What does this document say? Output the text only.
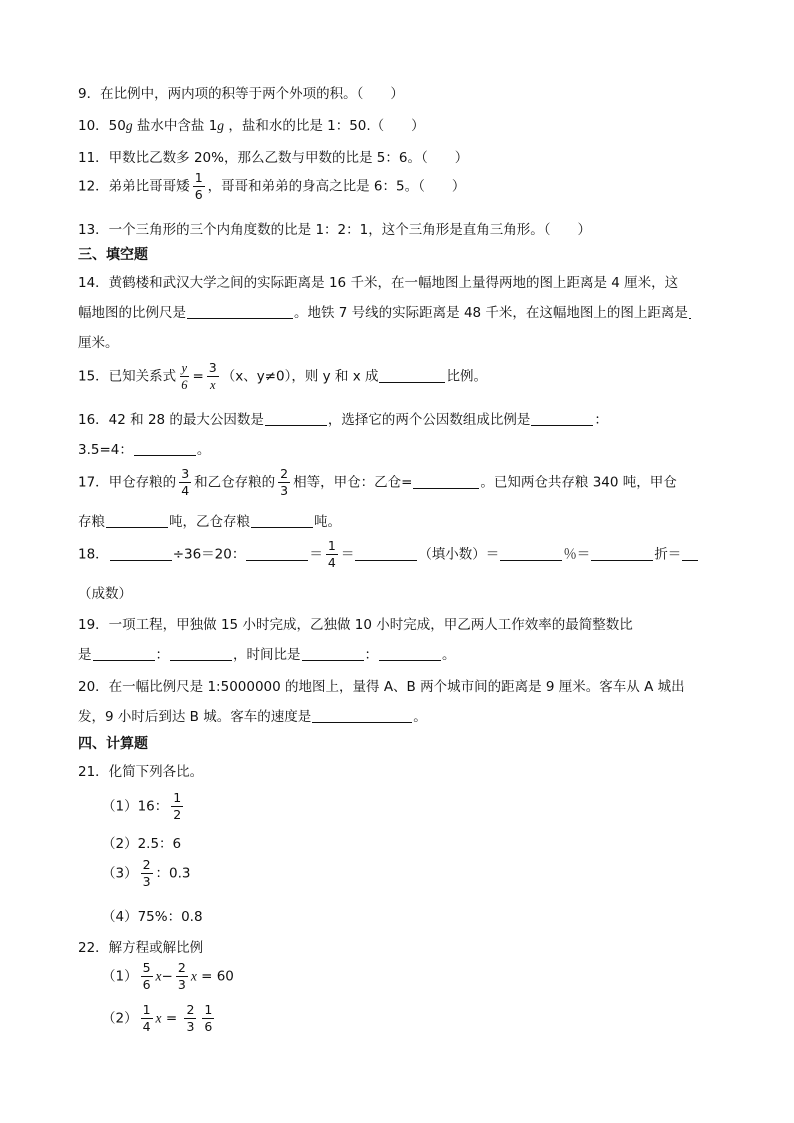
9．在比例中，两内项的积等于两个外项的积。（　　）
10．50g 盐水中含盐 1g ，盐和水的比是 1：50.（　　）
11．甲数比乙数多 20%，那么乙数与甲数的比是 5：6。（　　）
12．弟弟比哥哥矮 $\frac{1}{6}$ ，哥哥和弟弟的身高之比是 6：5。（　　）
13．一个三角形的三个内角度数的比是 1：2：1，这个三角形是直角三角形。（　　）
三、填空题
14．黄鹤楼和武汉大学之间的实际距离是 16 千米，在一幅地图上量得两地的图上距离是 4 厘米，这
幅地图的比例尺是	。地铁 7 号线的实际距离是 48 千米，在这幅地图上的图上距离是
厘米。
15．已知关系式 $\frac{y}{6} = \frac{3}{x} (x$、y≠0），则 y 和 x 成	比例。
16．42 和 28 的最大公因数是	，选择它的两个公因数组成比例是	：
3.5=4：	。
17．甲仓存粮的 $\frac{3}{4}$ 和乙仓存粮的 $\frac{2}{3}$ 相等，甲仓：乙仓=	。已知两仓共存粮 340 吨，甲仓
存粮	吨，乙仓存粮	吨。
18．	÷36＝20：	＝ $\frac{1}{4}$ ＝	（填小数）＝	％＝	折＝
（成数）
19．一项工程，甲独做 15 小时完成，乙独做 10 小时完成，甲乙两人工作效率的最简整数比
是	：	，时间比是	：	。
20．在一幅比例尺是 1:5000000 的地图上，量得 A、B 两个城市间的距离是 9 厘米。客车从 A 城出
发，9 小时后到达 B 城。客车的速度是	。
四、计算题
21．化简下列各比。
（1）16： $\frac{1}{2}$
（2）2.5：6
$(3) \frac{2}{3}$ ：0.3
（4）75%：0.8
22．解方程或解比例
$(1) \frac{5}{6} x- \frac{2}{3}$ x = 60
$(2) \frac{1}{4}$ $x = \frac{2}{3} \frac{1}{6}$
